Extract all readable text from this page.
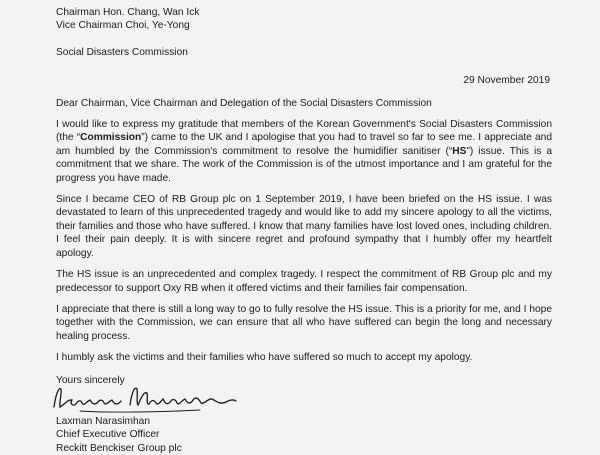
Chairman Hon. Chang, Wan Ick
Vice Chairman Choi, Ye-Yong
Social Disasters Commission
29 November 2019
Dear Chairman, Vice Chairman and Delegation of the Social Disasters Commission

I would like to express my gratitude that members of the Korean Government's Social Disasters Commission (the “Commission”) came to the UK and I apologise that you had to travel so far to see me. I appreciate and am humbled by the Commission's commitment to resolve the humidifier sanitiser (“HS”) issue. This is a commitment that we share. The work of the Commission is of the utmost importance and I am grateful for the progress you have made.

Since I became CEO of RB Group plc on 1 September 2019, I have been briefed on the HS issue. I was devastated to learn of this unprecedented tragedy and would like to add my sincere apology to all the victims, their families and those who have suffered. I know that many families have lost loved ones, including children. I feel their pain deeply. It is with sincere regret and profound sympathy that I humbly offer my heartfelt apology.

The HS issue is an unprecedented and complex tragedy. I respect the commitment of RB Group plc and my predecessor to support Oxy RB when it offered victims and their families fair compensation.

I appreciate that there is still a long way to go to fully resolve the HS issue. This is a priority for me, and I hope together with the Commission, we can ensure that all who have suffered can begin the long and necessary healing process.

I humbly ask the victims and their families who have suffered so much to accept my apology.

Yours sincerely
Laxman Narasimhan
Chief Executive Officer
Reckitt Benckiser Group plc
